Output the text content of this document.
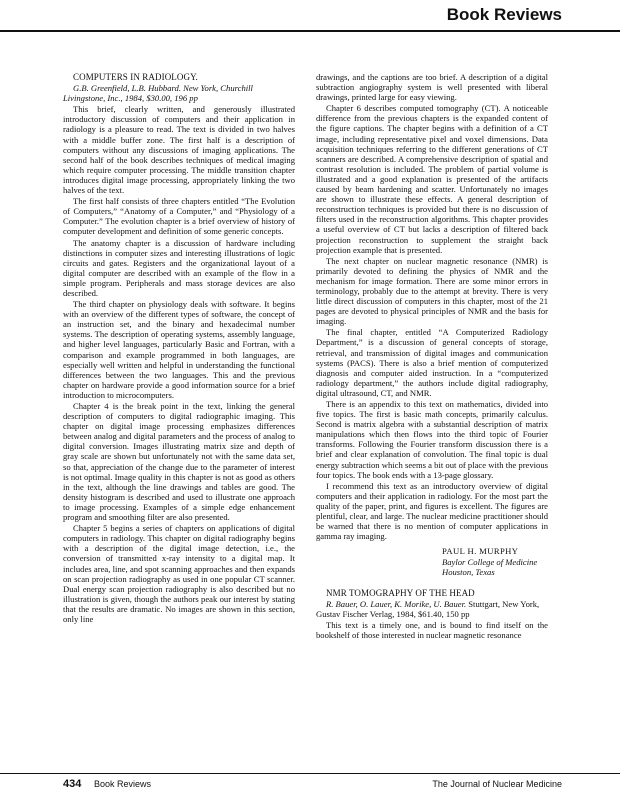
Book Reviews

COMPUTERS IN RADIOLOGY.

G.B. Greenfield, L.B. Hubbard. New York, Churchill Livingstone, Inc., 1984, $30.00, 196 pp

This brief, clearly written, and generously illustrated introductory discussion of computers and their application in radiology is a pleasure to read. The text is divided in two halves with a middle buffer zone. The first half is a description of computers without any discussions of imaging applications. The second half of the book describes techniques of medical imaging which require computer processing. The middle transition chapter introduces digital image processing, appropriately linking the two halves of the text.

The first half consists of three chapters entitled “The Evolution of Computers,” “Anatomy of a Computer,” and “Physiology of a Computer.” The evolution chapter is a brief overview of history of computer development and definition of some generic concepts.

The anatomy chapter is a discussion of hardware including distinctions in computer sizes and interesting illustrations of logic circuits and gates. Registers and the organizational layout of a digital computer are described with an example of the flow in a simple program. Peripherals and mass storage devices are also described.

The third chapter on physiology deals with software. It begins with an overview of the different types of software, the concept of an instruction set, and the binary and hexadecimal number systems. The description of operating systems, assembly language, and higher level languages, particularly Basic and Fortran, with a comparison and example programmed in both languages, are especially well written and helpful in understanding the functional differences between the two languages. This and the previous chapter on hardware provide a good information source for a brief introduction to microcomputers.

Chapter 4 is the break point in the text, linking the general description of computers to digital radiographic imaging. This chapter on digital image processing emphasizes differences between analog and digital parameters and the process of analog to digital conversion. Images illustrating matrix size and depth of gray scale are shown but unfortunately not with the same data set, so that, appreciation of the change due to the parameter of interest is not optimal. Image quality in this chapter is not as good as others in the text, although the line drawings and tables are good. The density histogram is described and used to illustrate one approach to image processing. Examples of a simple edge enhancement program and smoothing filter are also presented.

Chapter 5 begins a series of chapters on applications of digital computers in radiology. This chapter on digital radiography begins with a description of the digital image detection, i.e., the conversion of transmitted x-ray intensity to a digital map. It includes area, line, and spot scanning approaches and then expands on scan projection radiography as used in one popular CT scanner. Dual energy scan projection radiography is also described but no illustration is given, though the authors peak our interest by stating that the results are dramatic. No images are shown in this section, only line

drawings, and the captions are too brief. A description of a digital subtraction angiography system is well presented with liberal drawings, printed large for easy viewing.

Chapter 6 describes computed tomography (CT). A noticeable difference from the previous chapters is the expanded content of the figure captions. The chapter begins with a definition of a CT image, including representative pixel and voxel dimensions. Data acquisition techniques referring to the different generations of CT scanners are described. A comprehensive description of spatial and contrast resolution is included. The problem of partial volume is illustrated and a good explanation is presented of the artifacts caused by beam hardening and scatter. Unfortunately no images are shown to illustrate these effects. A general description of reconstruction techniques is provided but there is no discussion of filters used in the reconstruction algorithms. This chapter provides a useful overview of CT but lacks a description of filtered back projection reconstruction to supplement the straight back projection example that is presented.

The next chapter on nuclear magnetic resonance (NMR) is primarily devoted to defining the physics of NMR and the mechanism for image formation. There are some minor errors in terminology, probably due to the attempt at brevity. There is very little direct discussion of computers in this chapter, most of the 21 pages are devoted to physical principles of NMR and the basis for imaging.

The final chapter, entitled “A Computerized Radiology Department,” is a discussion of general concepts of storage, retrieval, and transmission of digital images and communication systems (PACS). There is also a brief mention of computerized diagnosis and computer aided instruction. In a “computerized radiology department,” the authors include digital radiography, digital ultrasound, CT, and NMR.

There is an appendix to this text on mathematics, divided into five topics. The first is basic math concepts, primarily calculus. Second is matrix algebra with a substantial description of matrix manipulations which then flows into the third topic of Fourier transforms. Following the Fourier transform discussion there is a brief and clear explanation of convolution. The final topic is dual energy subtraction which seems a bit out of place with the previous four topics. The book ends with a 13-page glossary.

I recommend this text as an introductory overview of digital computers and their application in radiology. For the most part the quality of the paper, print, and figures is excellent. The figures are plentiful, clear, and large. The nuclear medicine practitioner should be warned that there is no mention of computer applications in gamma ray imaging.

PAUL H. MURPHY
Baylor College of Medicine
Houston, Texas

NMR TOMOGRAPHY OF THE HEAD

R. Bauer, O. Lauer, K. Morike, U. Bauer. Stuttgart, New York, Gustav Fischer Verlag, 1984, $61.40, 150 pp

This text is a timely one, and is bound to find itself on the bookshelf of those interested in nuclear magnetic resonance

434 Book Reviews	The Journal of Nuclear Medicine
